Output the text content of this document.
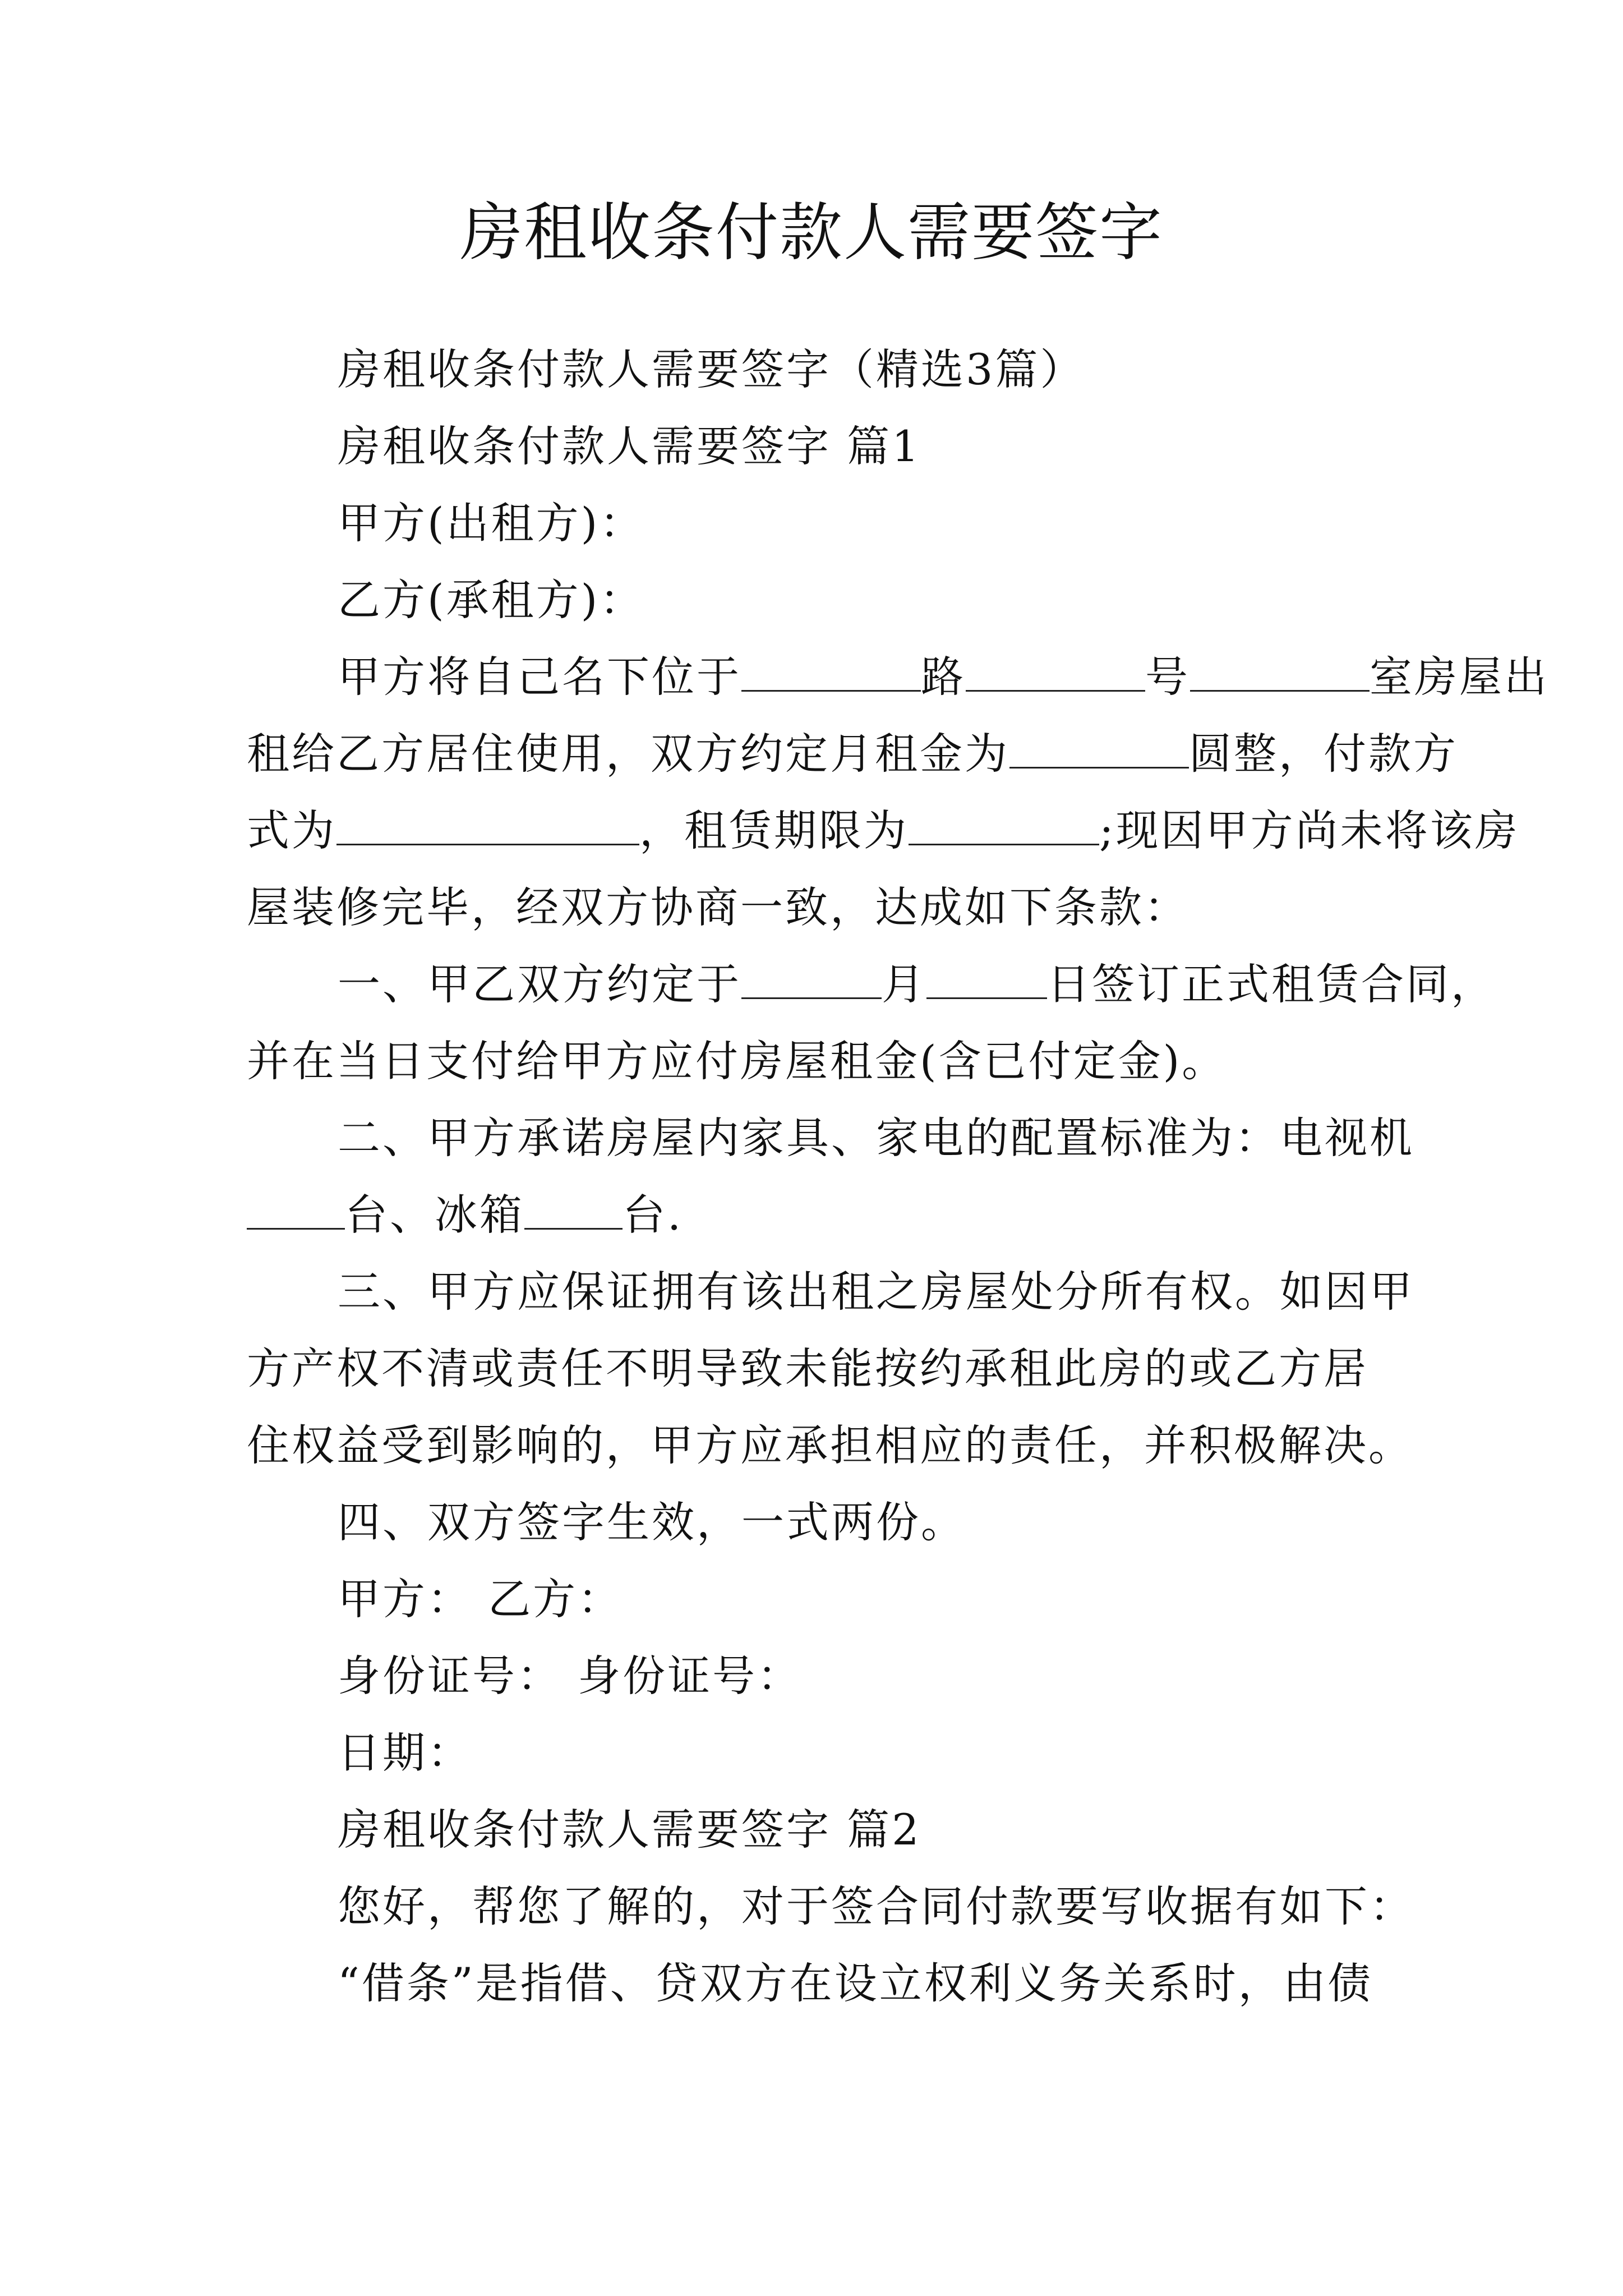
房租收条付款人需要签字

房租收条付款人需要签字（精选3篇）

房租收条付款人需要签字 篇1

甲方(出租方)：

乙方(承租方)：

甲方将自己名下位于	路	号	室房屋出

租给乙方居住使用，双方约定月租金为	圆整，付款方

式为	，租赁期限为	;现因甲方尚未将该房

屋装修完毕，经双方协商一致，达成如下条款：

一、甲乙双方约定于	月	日签订正式租赁合同，

并在当日支付给甲方应付房屋租金(含已付定金)。

二、甲方承诺房屋内家具、家电的配置标准为：电视机

台、冰箱 台.

三、甲方应保证拥有该出租之房屋处分所有权。如因甲

方产权不清或责任不明导致未能按约承租此房的或乙方居

住权益受到影响的，甲方应承担相应的责任，并积极解决。

四、双方签字生效，一式两份。

甲方： 乙方：

身份证号： 身份证号：

日期：

房租收条付款人需要签字 篇2

您好，帮您了解的，对于签合同付款要写收据有如下：

“借条”是指借、贷双方在设立权利义务关系时，由债
